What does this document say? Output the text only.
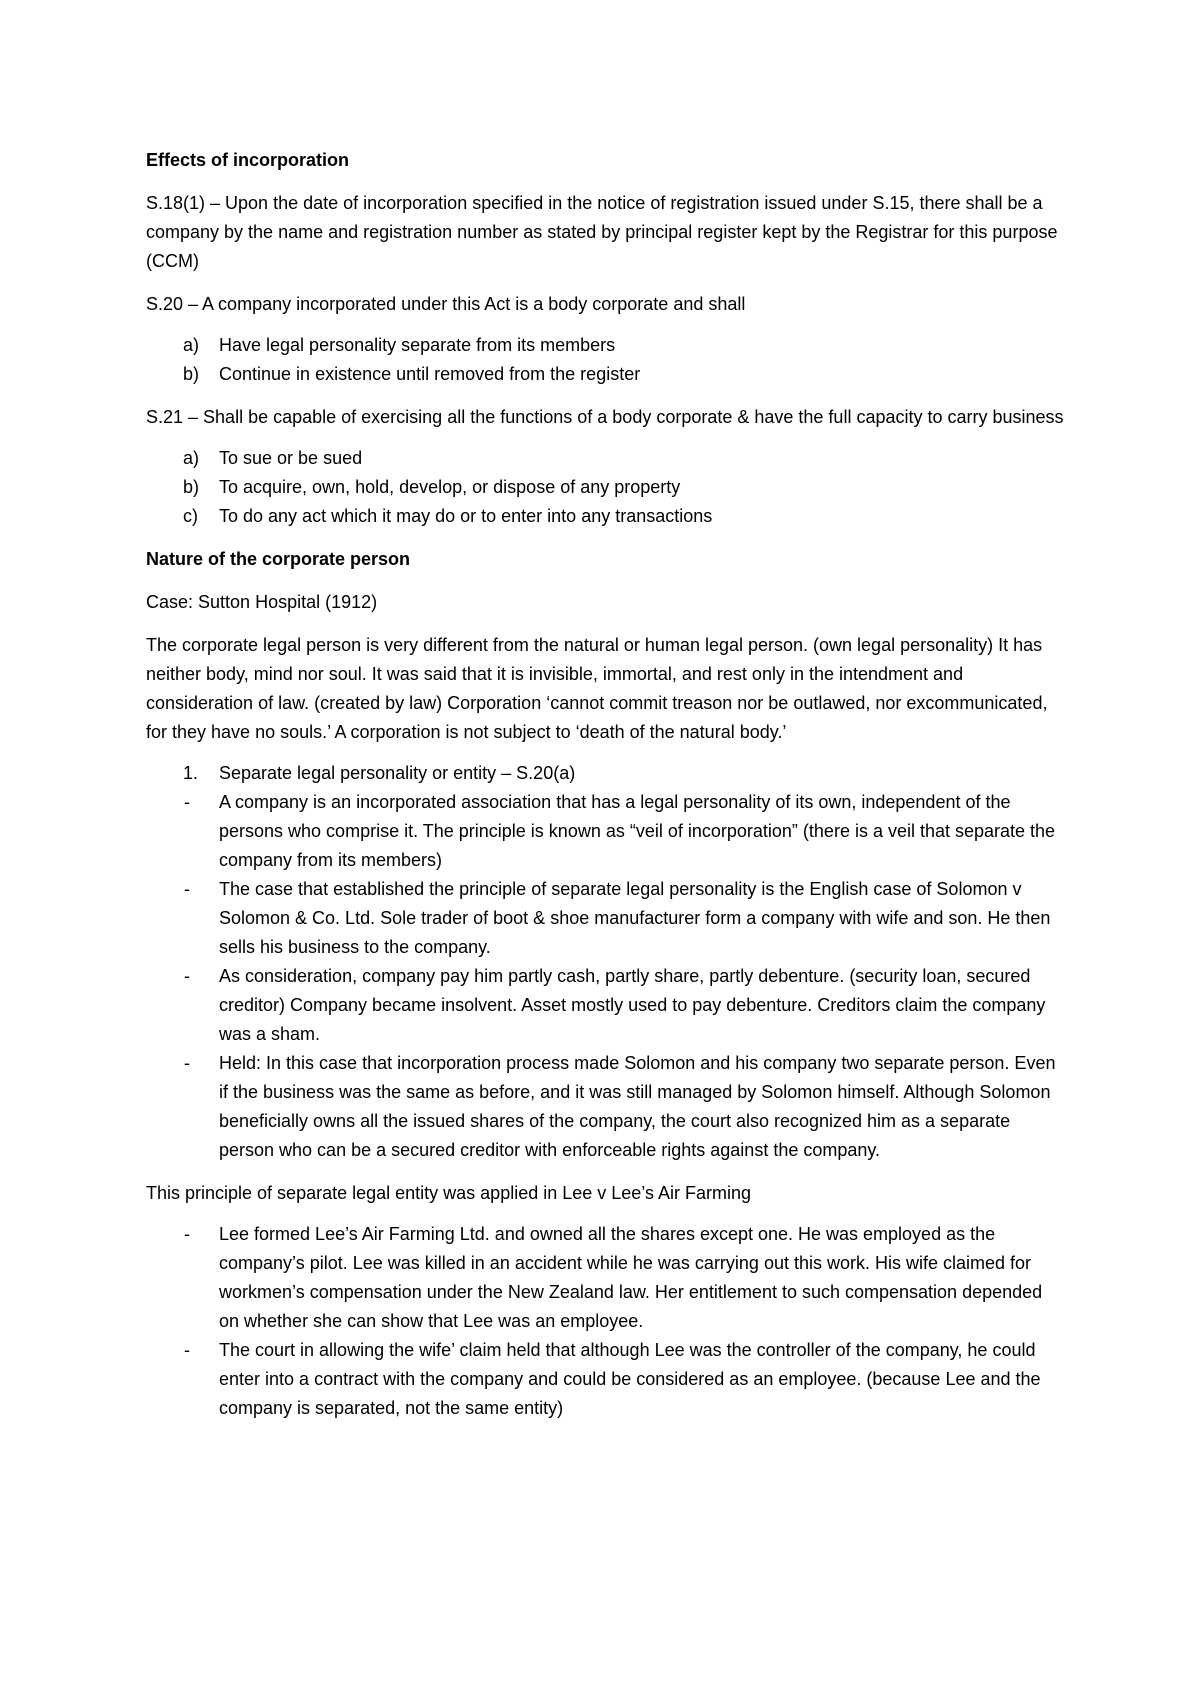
Effects of incorporation
S.18(1) – Upon the date of incorporation specified in the notice of registration issued under S.15, there shall be a company by the name and registration number as stated by principal register kept by the Registrar for this purpose (CCM)
S.20 – A company incorporated under this Act is a body corporate and shall
a) Have legal personality separate from its members
b) Continue in existence until removed from the register
S.21 – Shall be capable of exercising all the functions of a body corporate & have the full capacity to carry business
a) To sue or be sued
b) To acquire, own, hold, develop, or dispose of any property
c) To do any act which it may do or to enter into any transactions
Nature of the corporate person
Case: Sutton Hospital (1912)
The corporate legal person is very different from the natural or human legal person. (own legal personality) It has neither body, mind nor soul. It was said that it is invisible, immortal, and rest only in the intendment and consideration of law. (created by law) Corporation ‘cannot commit treason nor be outlawed, nor excommunicated, for they have no souls.’ A corporation is not subject to ‘death of the natural body.’
1. Separate legal personality or entity – S.20(a)
- A company is an incorporated association that has a legal personality of its own, independent of the persons who comprise it. The principle is known as “veil of incorporation” (there is a veil that separate the company from its members)
- The case that established the principle of separate legal personality is the English case of Solomon v Solomon & Co. Ltd. Sole trader of boot & shoe manufacturer form a company with wife and son. He then sells his business to the company.
- As consideration, company pay him partly cash, partly share, partly debenture. (security loan, secured creditor) Company became insolvent. Asset mostly used to pay debenture. Creditors claim the company was a sham.
- Held: In this case that incorporation process made Solomon and his company two separate person. Even if the business was the same as before, and it was still managed by Solomon himself. Although Solomon beneficially owns all the issued shares of the company, the court also recognized him as a separate person who can be a secured creditor with enforceable rights against the company.
This principle of separate legal entity was applied in Lee v Lee’s Air Farming
- Lee formed Lee’s Air Farming Ltd. and owned all the shares except one. He was employed as the company’s pilot. Lee was killed in an accident while he was carrying out this work. His wife claimed for workmen’s compensation under the New Zealand law. Her entitlement to such compensation depended on whether she can show that Lee was an employee.
- The court in allowing the wife’ claim held that although Lee was the controller of the company, he could enter into a contract with the company and could be considered as an employee. (because Lee and the company is separated, not the same entity)
